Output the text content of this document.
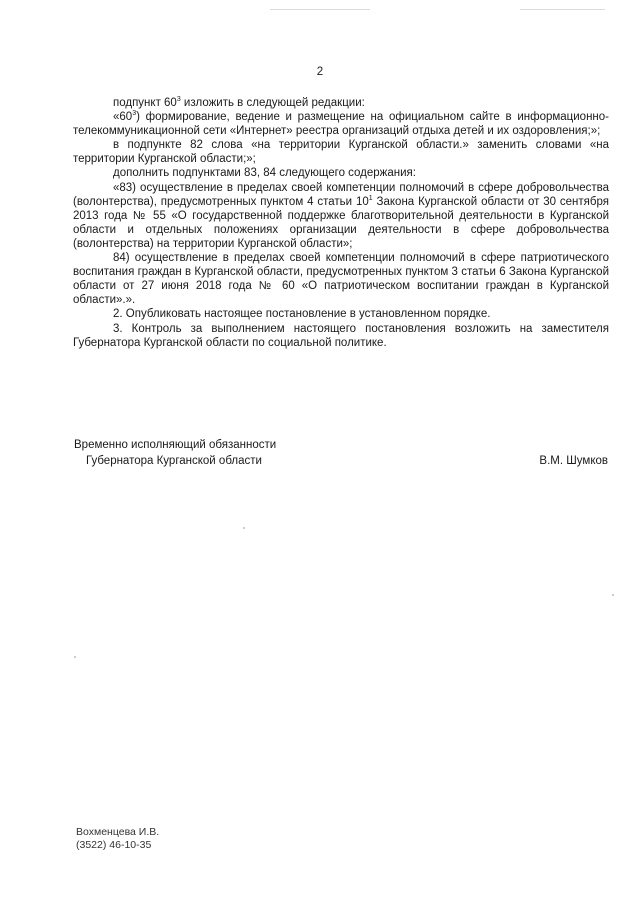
2

подпункт $60^3$ изложить в следующей редакции:

«$60^3$) формирование, ведение и размещение на официальном сайте в информационно-телекоммуникационной сети «Интернет» реестра организаций отдыха детей и их оздоровления;»;

в подпункте 82 слова «на территории Курганской области.» заменить словами «на территории Курганской области;»;

дополнить подпунктами 83, 84 следующего содержания:

«83) осуществление в пределах своей компетенции полномочий в сфере добровольчества (волонтерства), предусмотренных пунктом 4 статьи $10^1$ Закона Курганской области от 30 сентября 2013 года № 55 «О государственной поддержке благотворительной деятельности в Курганской области и отдельных положениях организации деятельности в сфере добровольчества (волонтерства) на территории Курганской области»;

84) осуществление в пределах своей компетенции полномочий в сфере патриотического воспитания граждан в Курганской области, предусмотренных пунктом 3 статьи 6 Закона Курганской области от 27 июня 2018 года № 60 «О патриотическом воспитании граждан в Курганской области».».

2. Опубликовать настоящее постановление в установленном порядке.

3. Контроль за выполнением настоящего постановления возложить на заместителя Губернатора Курганской области по социальной политике.

Временно исполняющий обязанности
Губернатора Курганской области	В.М. Шумков
Вохменцева И.В.
(3522) 46-10-35
